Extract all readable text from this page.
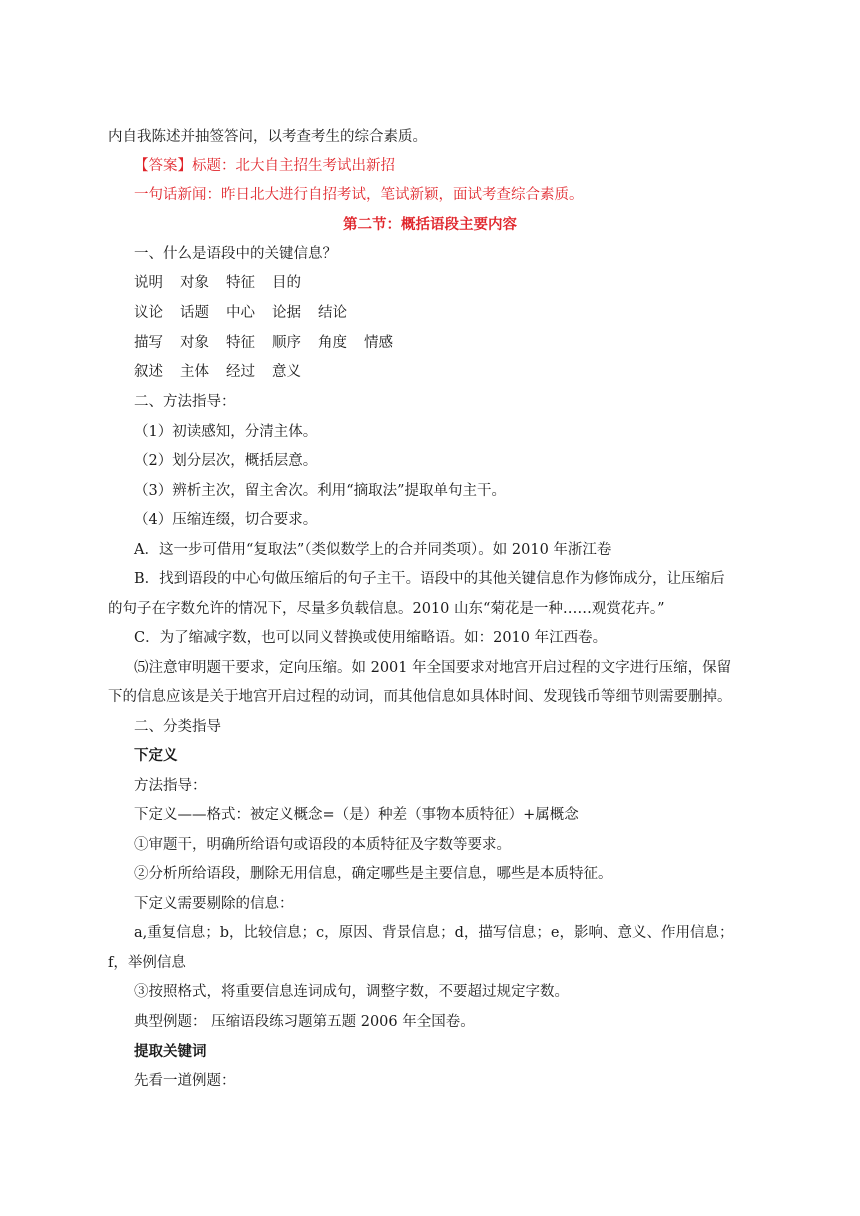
内自我陈述并抽签答问，以考查考生的综合素质。
【答案】标题：北大自主招生考试出新招
一句话新闻：昨日北大进行自招考试，笔试新颖，面试考查综合素质。
第二节：概括语段主要内容
一、什么是语段中的关键信息？
说明 对象 特征 目的
议论 话题 中心 论据 结论
描写 对象 特征 顺序 角度 情感
叙述 主体 经过 意义
二、方法指导：
（1）初读感知，分清主体。
（2）划分层次，概括层意。
（3）辨析主次，留主舍次。利用“摘取法”提取单句主干。
（4）压缩连缀，切合要求。
A．这一步可借用“复取法”（类似数学上的合并同类项）。如 2010 年浙江卷
B．找到语段的中心句做压缩后的句子主干。语段中的其他关键信息作为修饰成分，让压缩后
的句子在字数允许的情况下，尽量多负载信息。2010 山东“菊花是一种……观赏花卉。”
C．为了缩减字数，也可以同义替换或使用缩略语。如：2010 年江西卷。
⑸注意审明题干要求，定向压缩。如 2001 年全国要求对地宫开启过程的文字进行压缩，保留
下的信息应该是关于地宫开启过程的动词，而其他信息如具体时间、发现钱币等细节则需要删掉。
二、分类指导
下定义
方法指导：
下定义——格式：被定义概念=（是）种差（事物本质特征）+属概念
①审题干，明确所给语句或语段的本质特征及字数等要求。
②分析所给语段，删除无用信息，确定哪些是主要信息，哪些是本质特征。
下定义需要剔除的信息：
a,重复信息；b，比较信息；c，原因、背景信息；d，描写信息；e，影响、意义、作用信息；
f，举例信息
③按照格式，将重要信息连词成句，调整字数，不要超过规定字数。
典型例题： 压缩语段练习题第五题 2006 年全国卷。
提取关键词
先看一道例题：
